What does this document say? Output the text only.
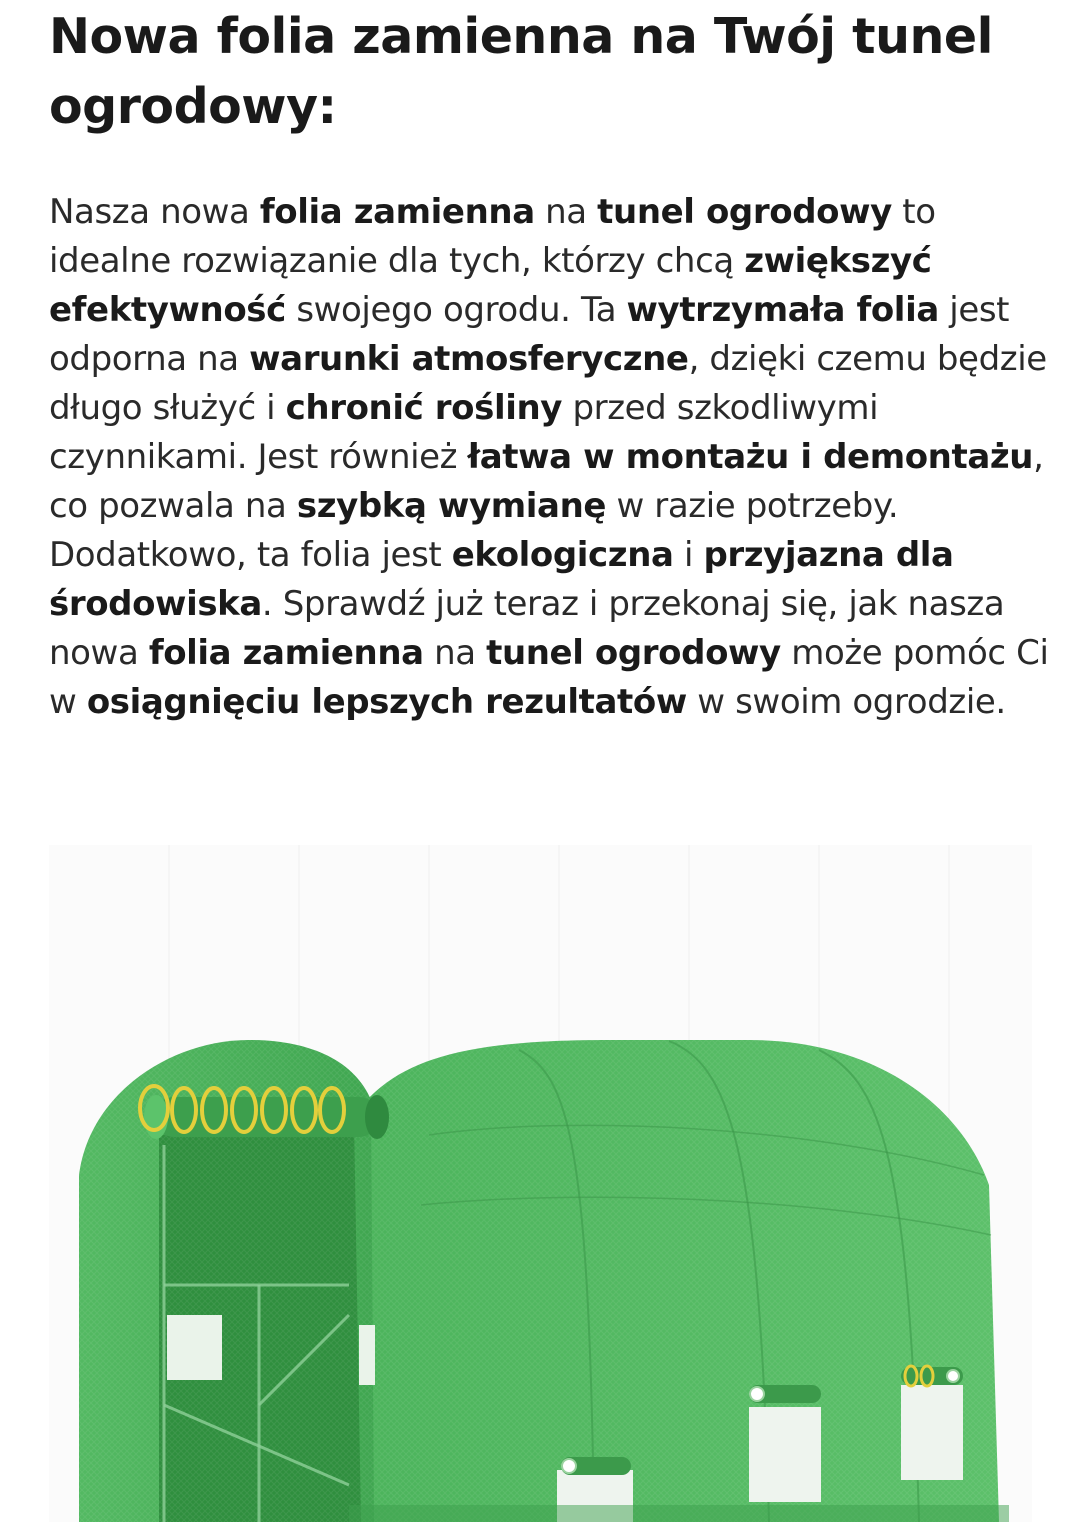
Nowa folia zamienna na Twój tunel ogrodowy:

Nasza nowa folia zamienna na tunel ogrodowy to idealne rozwiązanie dla tych, którzy chcą zwiększyć efektywność swojego ogrodu. Ta wytrzymała folia jest odporna na warunki atmosferyczne, dzięki czemu będzie długo służyć i chronić rośliny przed szkodliwymi czynnikami. Jest również łatwa w montażu i demontażu, co pozwala na szybką wymianę w razie potrzeby. Dodatkowo, ta folia jest ekologiczna i przyjazna dla środowiska. Sprawdź już teraz i przekonaj się, jak nasza nowa folia zamienna na tunel ogrodowy może pomóc Ci w osiągnięciu lepszych rezultatów w swoim ogrodzie.
